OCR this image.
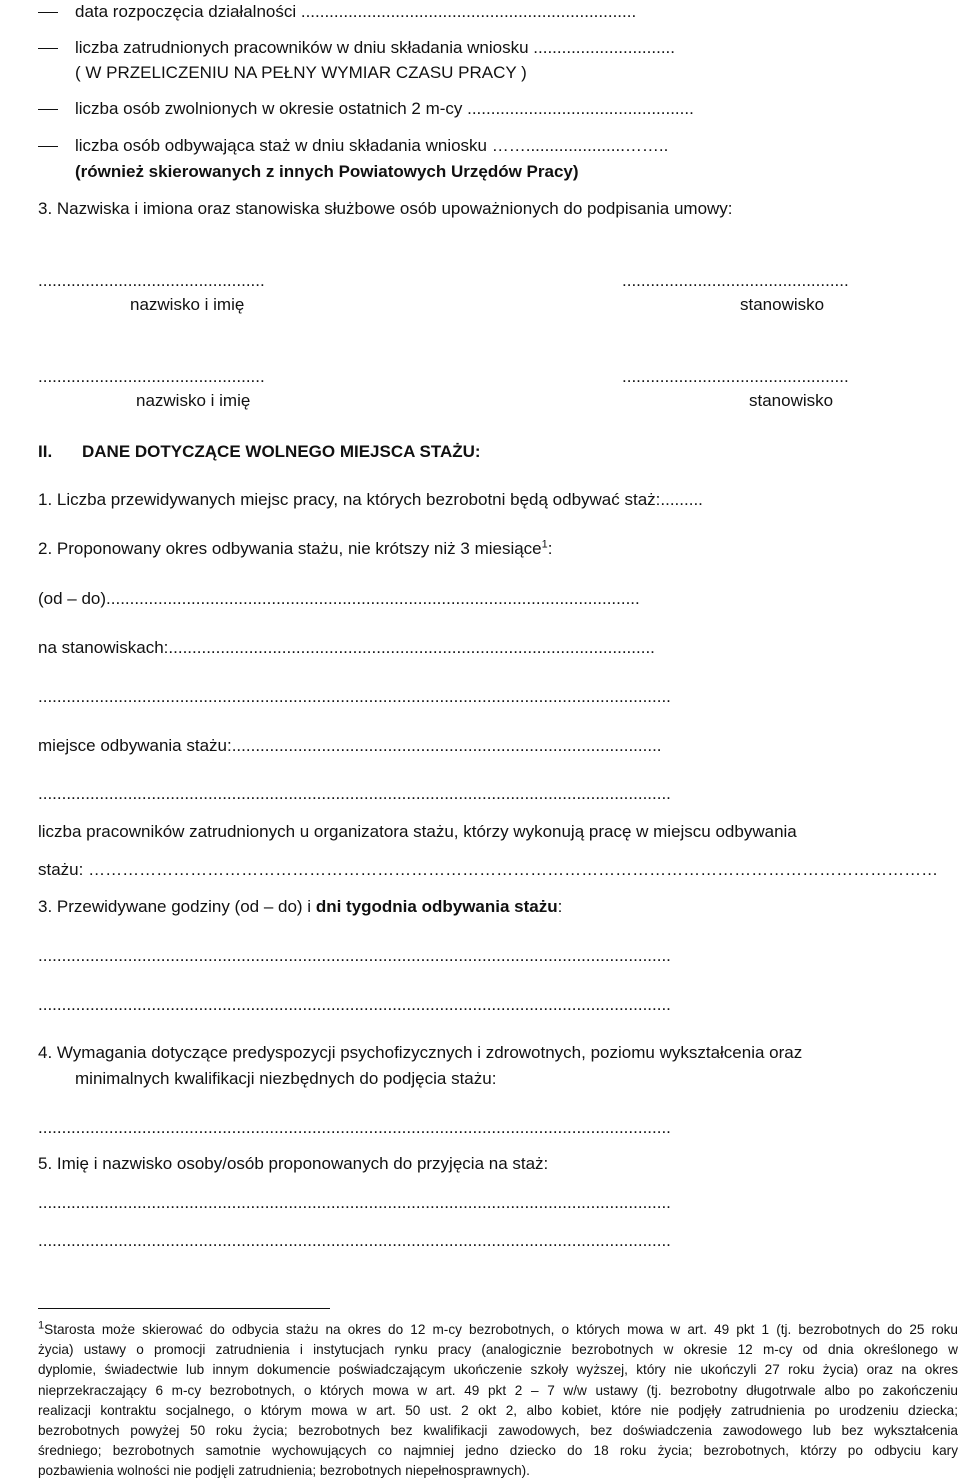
data rozpoczęcia działalności .......................................................................
liczba zatrudnionych pracowników w dniu składania wniosku ..............................
( W PRZELICZENIU NA PEŁNY WYMIAR CZASU PRACY )
liczba osób zwolnionych w okresie ostatnich 2 m-cy ................................................
liczba osób odbywająca staż w dniu składania wniosku …….....................……..
(również skierowanych z innych Powiatowych Urzędów Pracy)
3. Nazwiska i imiona oraz stanowiska służbowe osób upoważnionych do podpisania umowy:
................................................	................................................
nazwisko i imię	stanowisko
................................................	................................................
nazwisko i imię	stanowisko
II. DANE DOTYCZĄCE WOLNEGO MIEJSCA STAŻU:
1. Liczba przewidywanych miejsc pracy, na których bezrobotni będą odbywać staż:.........
2. Proponowany okres odbywania stażu, nie krótszy niż 3 miesiące$^1$:
(od – do).................................................................................................................
na stanowiskach:.......................................................................................................
......................................................................................................................................
miejsce odbywania stażu:...........................................................................................
......................................................................................................................................
liczba pracowników zatrudnionych u organizatora stażu, którzy wykonują pracę w miejscu odbywania
stażu: ……………………………………………………………………………………………………………………………………
3. Przewidywane godziny (od – do) i dni tygodnia odbywania stażu:
......................................................................................................................................
......................................................................................................................................
4. Wymagania dotyczące predyspozycji psychofizycznych i zdrowotnych, poziomu wykształcenia oraz
minimalnych kwalifikacji niezbędnych do podjęcia stażu:
......................................................................................................................................
5. Imię i nazwisko osoby/osób proponowanych do przyjęcia na staż:
......................................................................................................................................
......................................................................................................................................
$^1$Starosta może skierować do odbycia stażu na okres do 12 m-cy bezrobotnych, o których mowa w art. 49 pkt 1 (tj. bezrobotnych do 25 roku
życia) ustawy o promocji zatrudnienia i instytucjach rynku pracy (analogicznie bezrobotnych w okresie 12 m-cy od dnia określonego w
dyplomie, świadectwie lub innym dokumencie poświadczającym ukończenie szkoły wyższej, który nie ukończyli 27 roku życia) oraz na okres
nieprzekraczający 6 m-cy bezrobotnych, o których mowa w art. 49 pkt 2 – 7 w/w ustawy (tj. bezrobotny długotrwale albo po zakończeniu
realizacji kontraktu socjalnego, o którym mowa w art. 50 ust. 2 okt 2, albo kobiet, które nie podjęły zatrudnienia po urodzeniu dziecka;
bezrobotnych powyżej 50 roku życia; bezrobotnych bez kwalifikacji zawodowych, bez doświadczenia zawodowego lub bez wykształcenia
średniego; bezrobotnych samotnie wychowujących co najmniej jedno dziecko do 18 roku życia; bezrobotnych, którzy po odbyciu kary
pozbawienia wolności nie podjęli zatrudnienia; bezrobotnych niepełnosprawnych).
